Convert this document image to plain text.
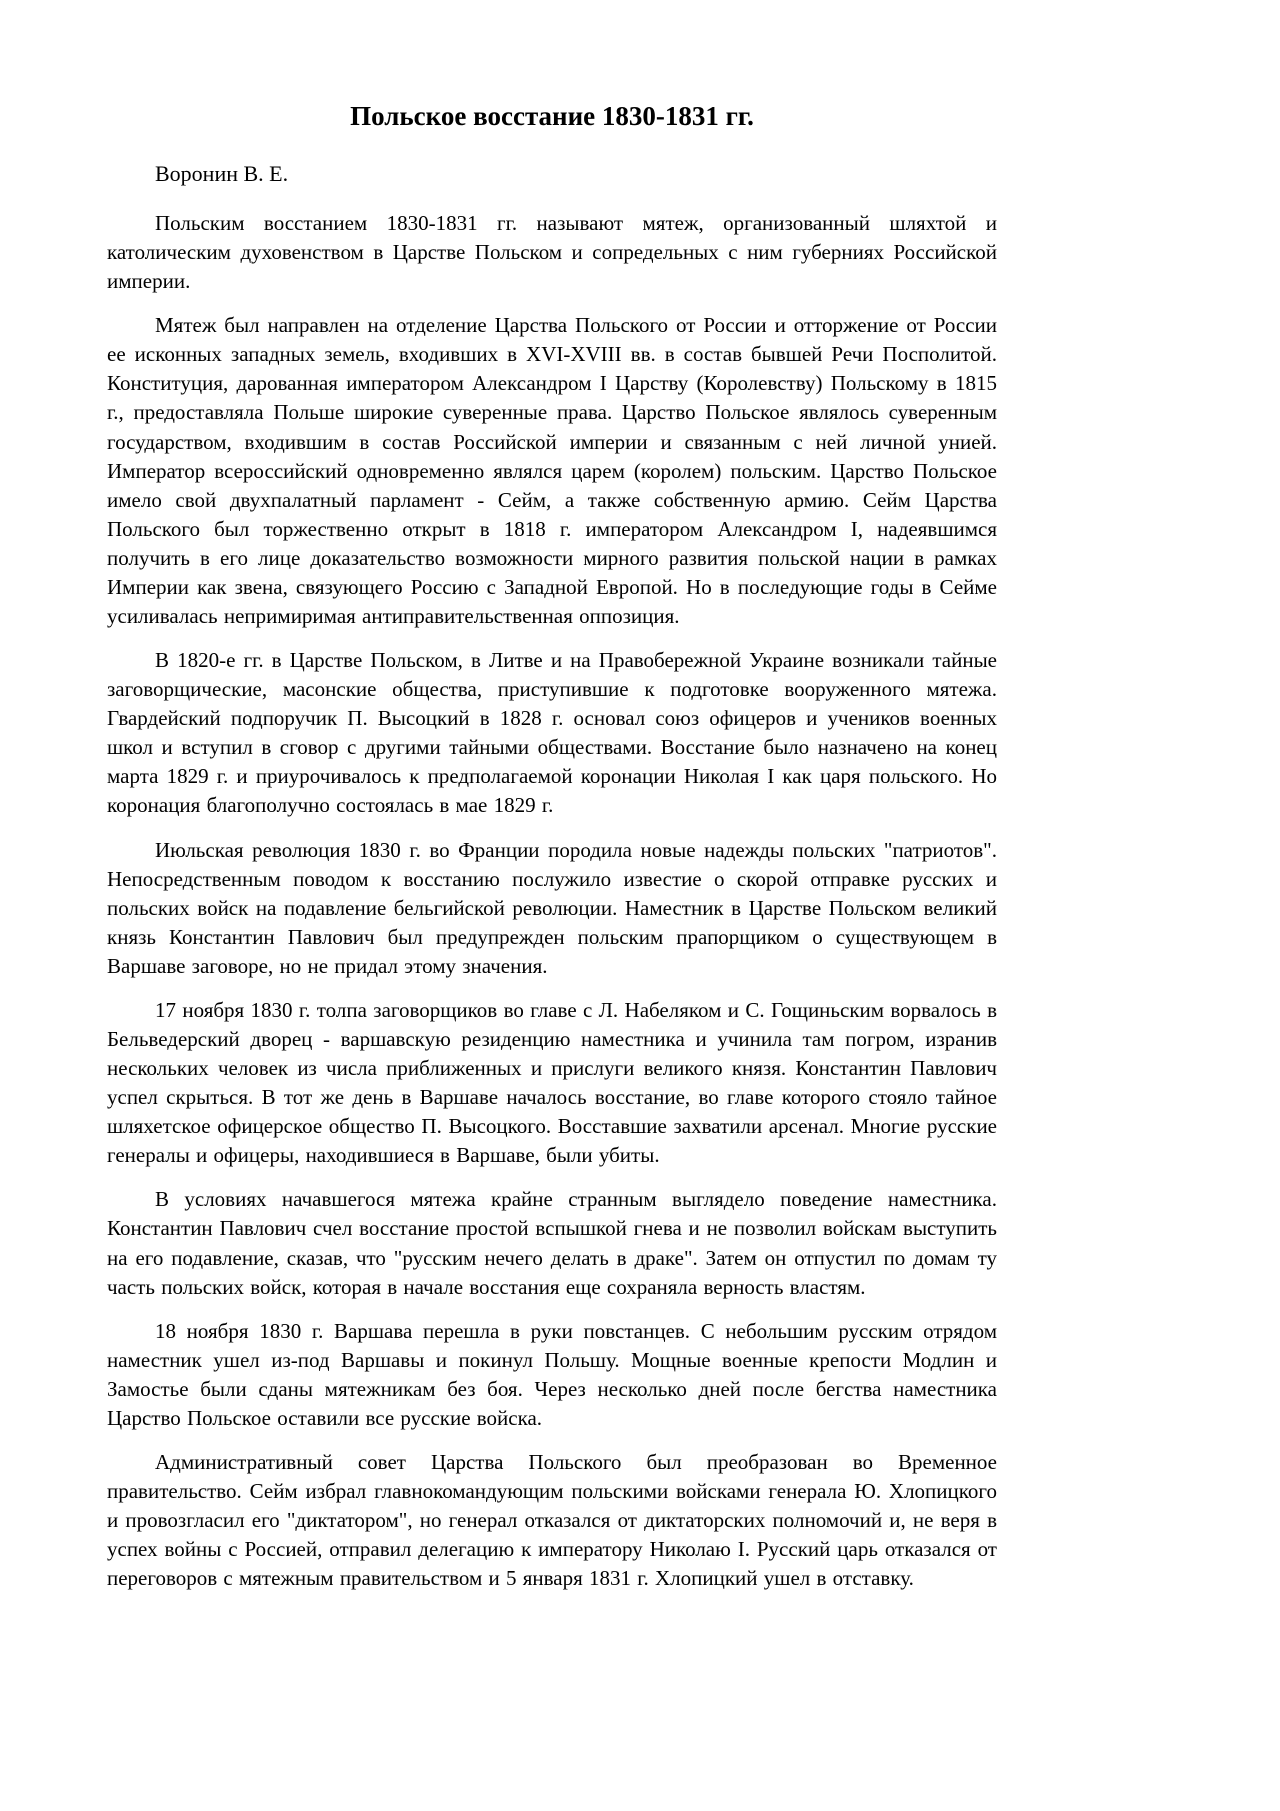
Польское восстание 1830-1831 гг.

Воронин В. Е.

Польским восстанием 1830-1831 гг. называют мятеж, организованный шляхтой и католическим духовенством в Царстве Польском и сопредельных с ним губерниях Российской империи.

Мятеж был направлен на отделение Царства Польского от России и отторжение от России ее исконных западных земель, входивших в XVI-XVIII вв. в состав бывшей Речи Посполитой. Конституция, дарованная императором Александром I Царству (Королевству) Польскому в 1815 г., предоставляла Польше широкие суверенные права. Царство Польское являлось суверенным государством, входившим в состав Российской империи и связанным с ней личной унией. Император всероссийский одновременно являлся царем (королем) польским. Царство Польское имело свой двухпалатный парламент - Сейм, а также собственную армию. Сейм Царства Польского был торжественно открыт в 1818 г. императором Александром I, надеявшимся получить в его лице доказательство возможности мирного развития польской нации в рамках Империи как звена, связующего Россию с Западной Европой. Но в последующие годы в Сейме усиливалась непримиримая антиправительственная оппозиция.

В 1820-е гг. в Царстве Польском, в Литве и на Правобережной Украине возникали тайные заговорщические, масонские общества, приступившие к подготовке вооруженного мятежа. Гвардейский подпоручик П. Высоцкий в 1828 г. основал союз офицеров и учеников военных школ и вступил в сговор с другими тайными обществами. Восстание было назначено на конец марта 1829 г. и приурочивалось к предполагаемой коронации Николая I как царя польского. Но коронация благополучно состоялась в мае 1829 г.

Июльская революция 1830 г. во Франции породила новые надежды польских "патриотов". Непосредственным поводом к восстанию послужило известие о скорой отправке русских и польских войск на подавление бельгийской революции. Наместник в Царстве Польском великий князь Константин Павлович был предупрежден польским прапорщиком о существующем в Варшаве заговоре, но не придал этому значения.

17 ноября 1830 г. толпа заговорщиков во главе с Л. Набеляком и С. Гощиньским ворвалось в Бельведерский дворец - варшавскую резиденцию наместника и учинила там погром, изранив нескольких человек из числа приближенных и прислуги великого князя. Константин Павлович успел скрыться. В тот же день в Варшаве началось восстание, во главе которого стояло тайное шляхетское офицерское общество П. Высоцкого. Восставшие захватили арсенал. Многие русские генералы и офицеры, находившиеся в Варшаве, были убиты.

В условиях начавшегося мятежа крайне странным выглядело поведение наместника. Константин Павлович счел восстание простой вспышкой гнева и не позволил войскам выступить на его подавление, сказав, что "русским нечего делать в драке". Затем он отпустил по домам ту часть польских войск, которая в начале восстания еще сохраняла верность властям.

18 ноября 1830 г. Варшава перешла в руки повстанцев. С небольшим русским отрядом наместник ушел из-под Варшавы и покинул Польшу. Мощные военные крепости Модлин и Замостье были сданы мятежникам без боя. Через несколько дней после бегства наместника Царство Польское оставили все русские войска.

Административный совет Царства Польского был преобразован во Временное правительство. Сейм избрал главнокомандующим польскими войсками генерала Ю. Хлопицкого и провозгласил его "диктатором", но генерал отказался от диктаторских полномочий и, не веря в успех войны с Россией, отправил делегацию к императору Николаю I. Русский царь отказался от переговоров с мятежным правительством и 5 января 1831 г. Хлопицкий ушел в отставку.
